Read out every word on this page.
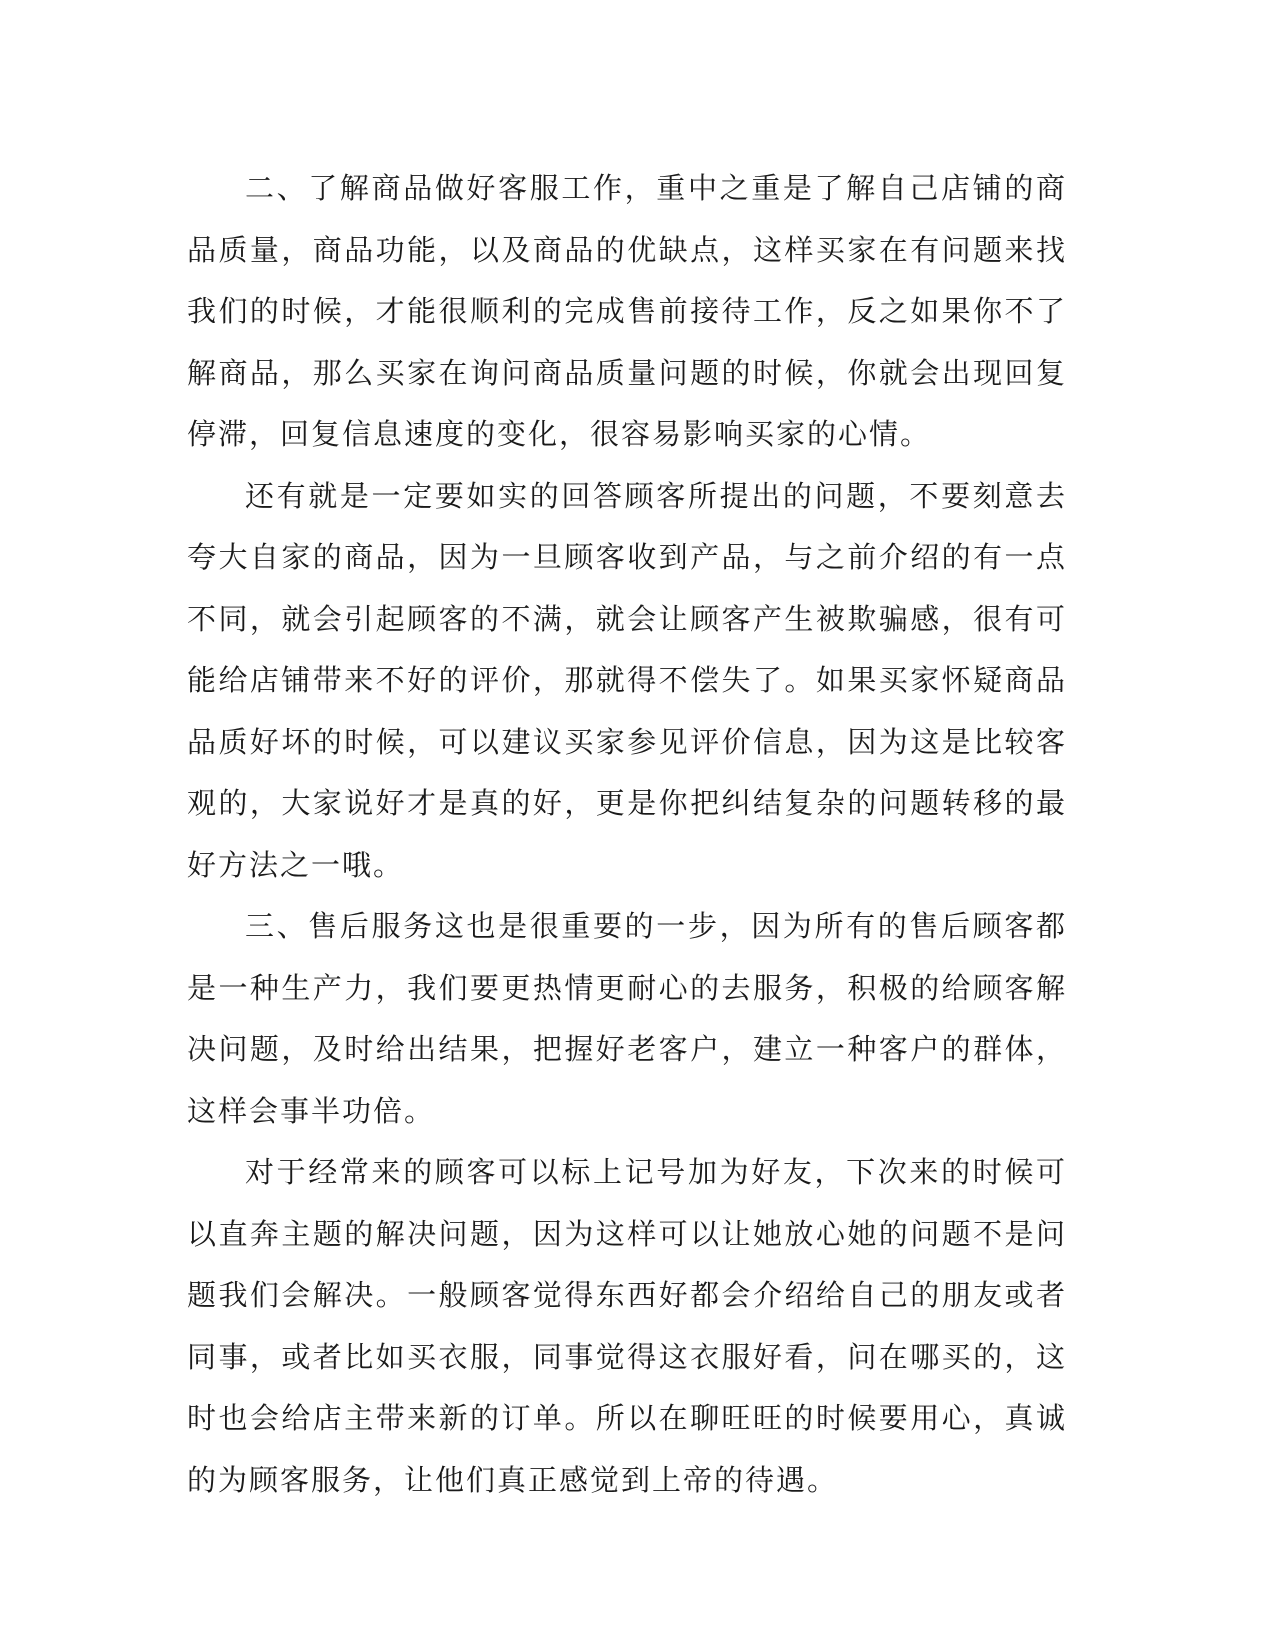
二、了解商品做好客服工作，重中之重是了解自己店铺的商品质量，商品功能，以及商品的优缺点，这样买家在有问题来找我们的时候，才能很顺利的完成售前接待工作，反之如果你不了解商品，那么买家在询问商品质量问题的时候，你就会出现回复停滞，回复信息速度的变化，很容易影响买家的心情。

还有就是一定要如实的回答顾客所提出的问题，不要刻意去夸大自家的商品，因为一旦顾客收到产品，与之前介绍的有一点不同，就会引起顾客的不满，就会让顾客产生被欺骗感，很有可能给店铺带来不好的评价，那就得不偿失了。如果买家怀疑商品品质好坏的时候，可以建议买家参见评价信息，因为这是比较客观的，大家说好才是真的好，更是你把纠结复杂的问题转移的最好方法之一哦。

三、售后服务这也是很重要的一步，因为所有的售后顾客都是一种生产力，我们要更热情更耐心的去服务，积极的给顾客解决问题，及时给出结果，把握好老客户，建立一种客户的群体，这样会事半功倍。

对于经常来的顾客可以标上记号加为好友，下次来的时候可以直奔主题的解决问题，因为这样可以让她放心她的问题不是问题我们会解决。一般顾客觉得东西好都会介绍给自己的朋友或者同事，或者比如买衣服，同事觉得这衣服好看，问在哪买的，这时也会给店主带来新的订单。所以在聊旺旺的时候要用心，真诚的为顾客服务，让他们真正感觉到上帝的待遇。
